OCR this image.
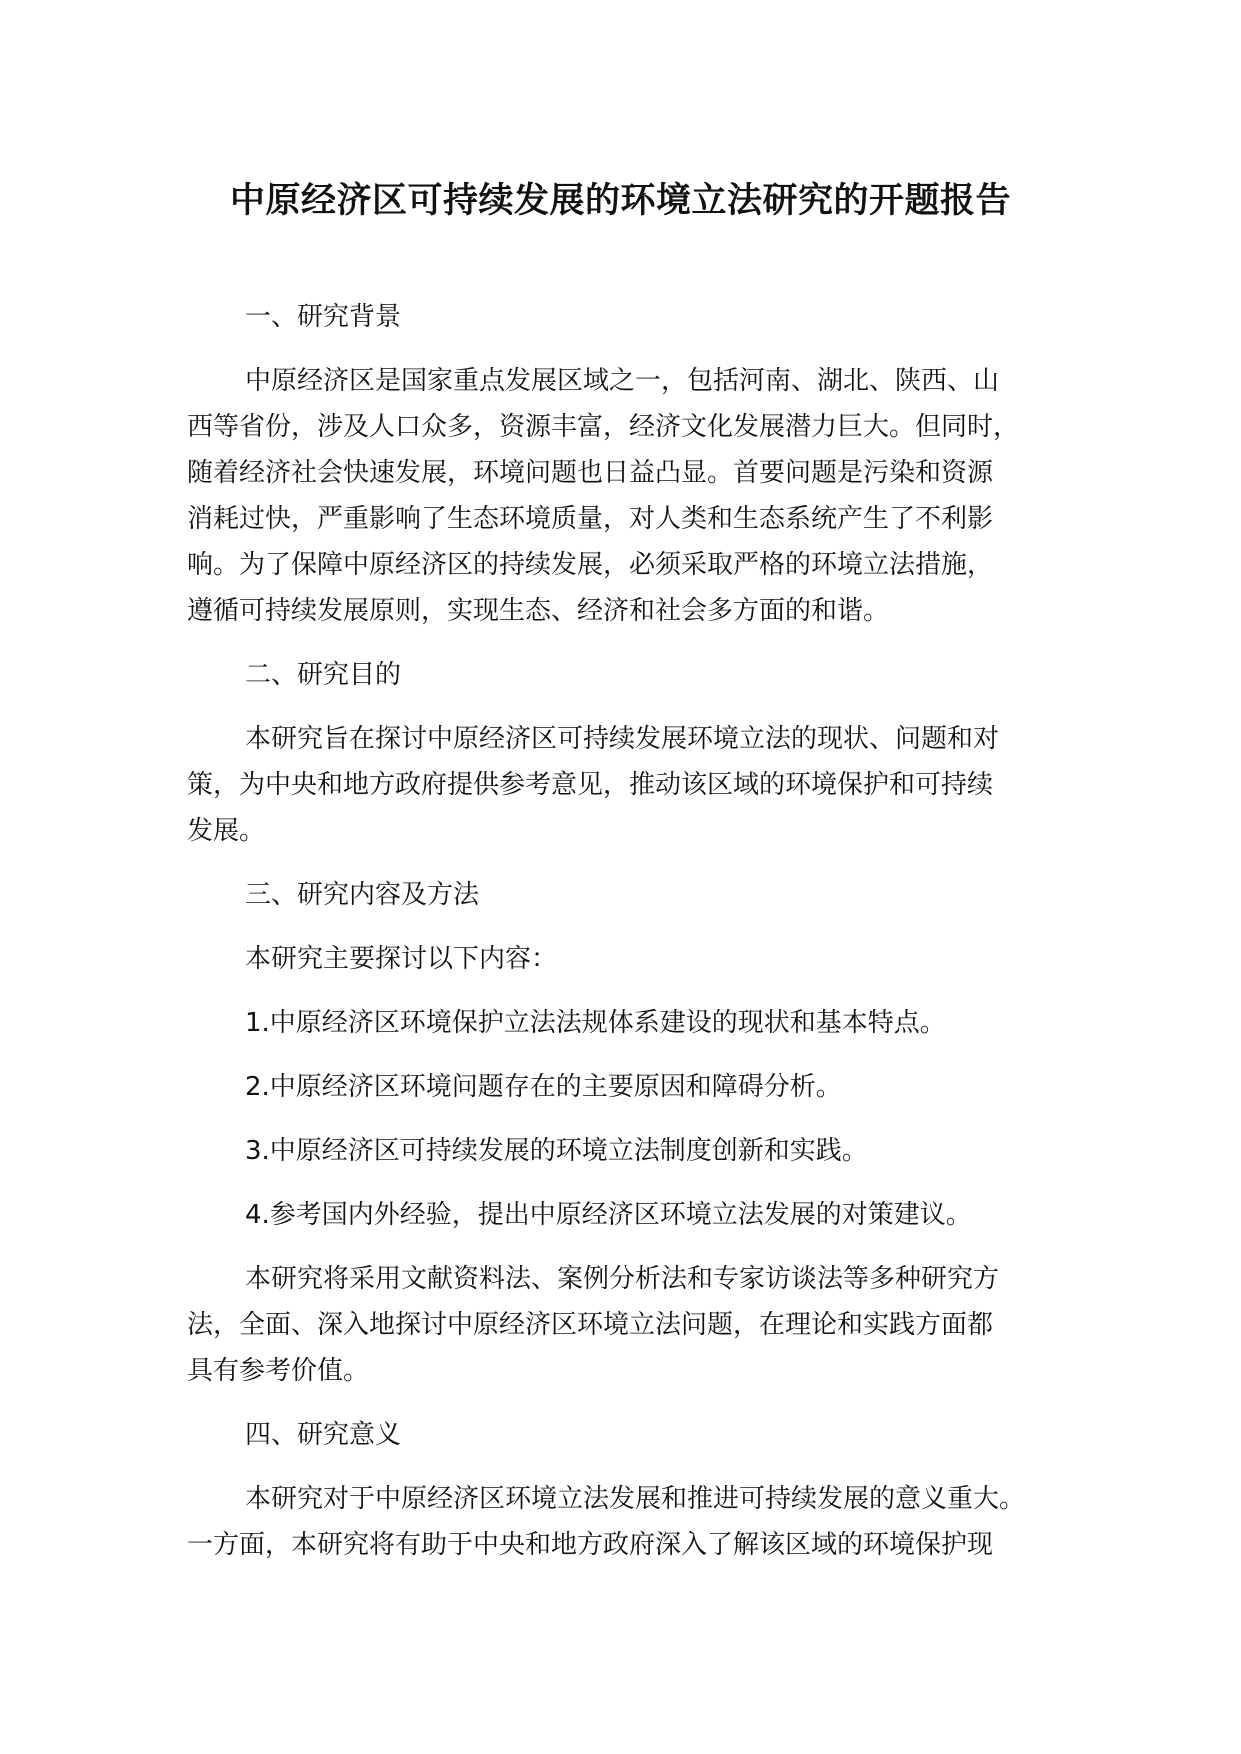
中原经济区可持续发展的环境立法研究的开题报告
一、研究背景
中原经济区是国家重点发展区域之一，包括河南、湖北、陕西、山
西等省份，涉及人口众多，资源丰富，经济文化发展潜力巨大。但同时，
随着经济社会快速发展，环境问题也日益凸显。首要问题是污染和资源
消耗过快，严重影响了生态环境质量，对人类和生态系统产生了不利影
响。为了保障中原经济区的持续发展，必须采取严格的环境立法措施，
遵循可持续发展原则，实现生态、经济和社会多方面的和谐。
二、研究目的
本研究旨在探讨中原经济区可持续发展环境立法的现状、问题和对
策，为中央和地方政府提供参考意见，推动该区域的环境保护和可持续
发展。
三、研究内容及方法
本研究主要探讨以下内容：
1.中原经济区环境保护立法法规体系建设的现状和基本特点。
2.中原经济区环境问题存在的主要原因和障碍分析。
3.中原经济区可持续发展的环境立法制度创新和实践。
4.参考国内外经验，提出中原经济区环境立法发展的对策建议。
本研究将采用文献资料法、案例分析法和专家访谈法等多种研究方
法，全面、深入地探讨中原经济区环境立法问题，在理论和实践方面都
具有参考价值。
四、研究意义
本研究对于中原经济区环境立法发展和推进可持续发展的意义重大。
一方面，本研究将有助于中央和地方政府深入了解该区域的环境保护现
